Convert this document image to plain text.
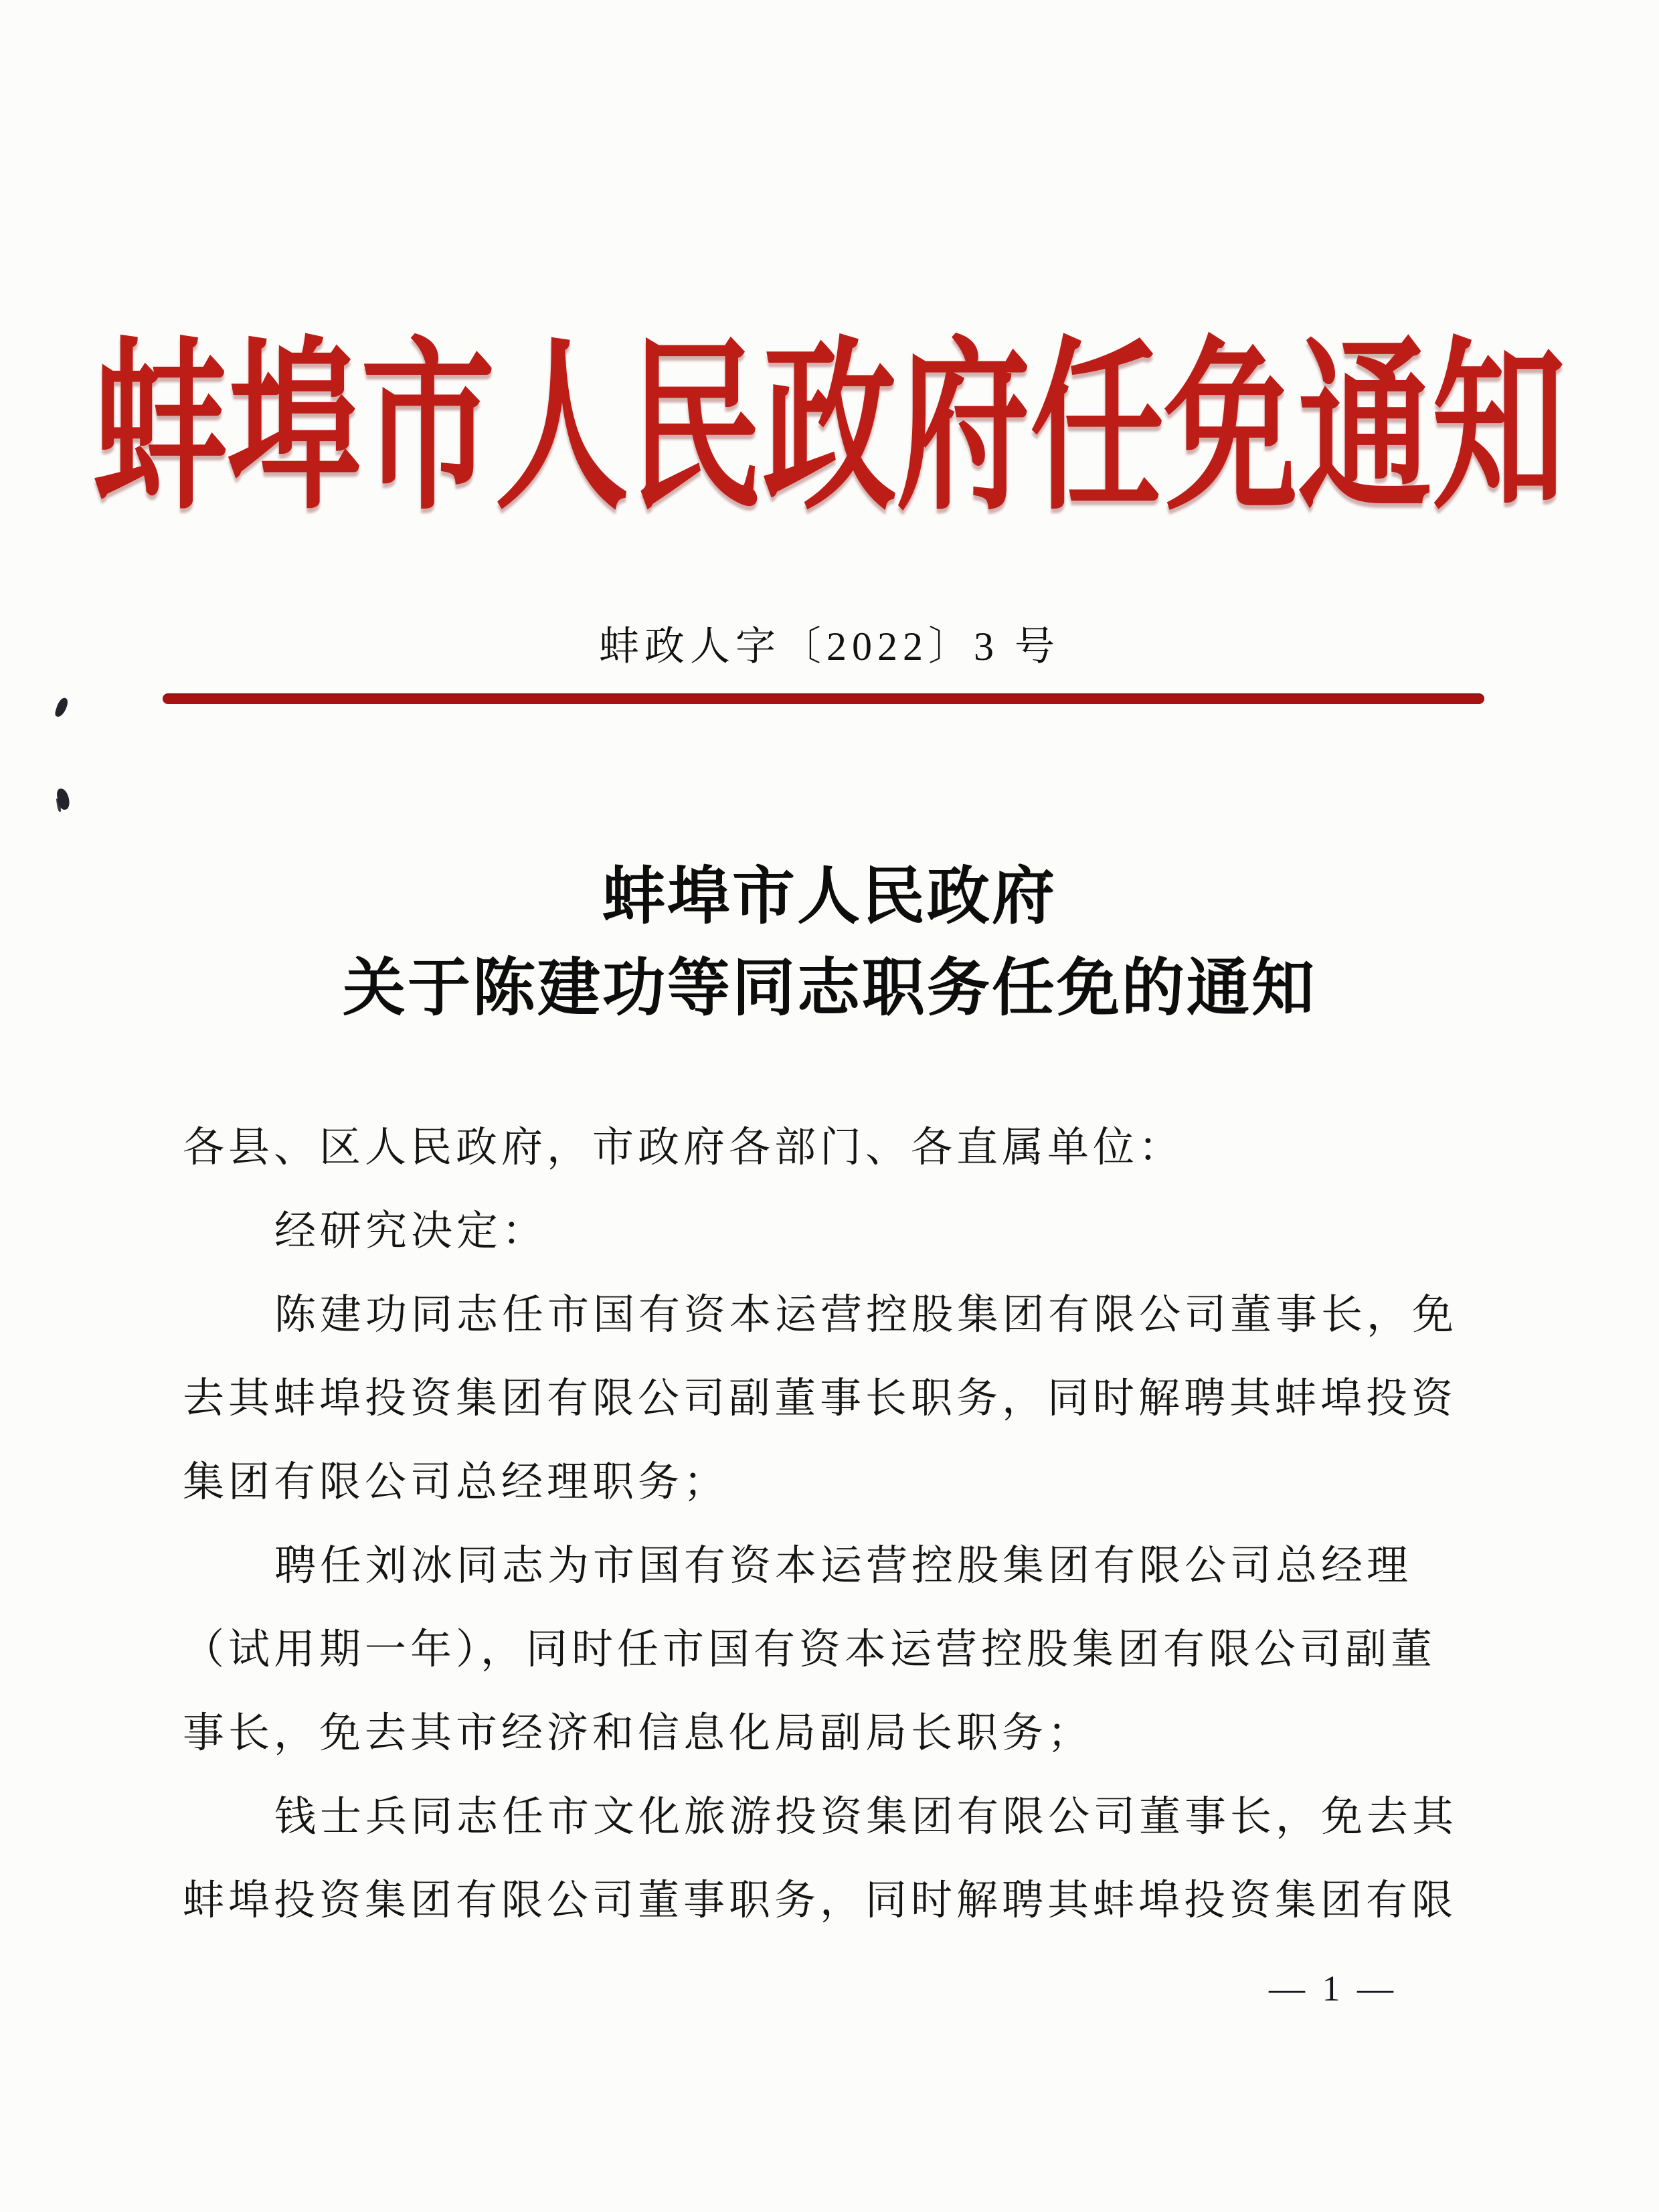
蚌埠市人民政府任免通知
蚌政人字〔2022〕3 号
蚌埠市人民政府
关于陈建功等同志职务任免的通知
各县、区人民政府，市政府各部门、各直属单位：
经研究决定：
陈建功同志任市国有资本运营控股集团有限公司董事长，免
去其蚌埠投资集团有限公司副董事长职务，同时解聘其蚌埠投资
集团有限公司总经理职务；
聘任刘冰同志为市国有资本运营控股集团有限公司总经理
（试用期一年），同时任市国有资本运营控股集团有限公司副董
事长，免去其市经济和信息化局副局长职务；
钱士兵同志任市文化旅游投资集团有限公司董事长，免去其
蚌埠投资集团有限公司董事职务，同时解聘其蚌埠投资集团有限
— 1 —
